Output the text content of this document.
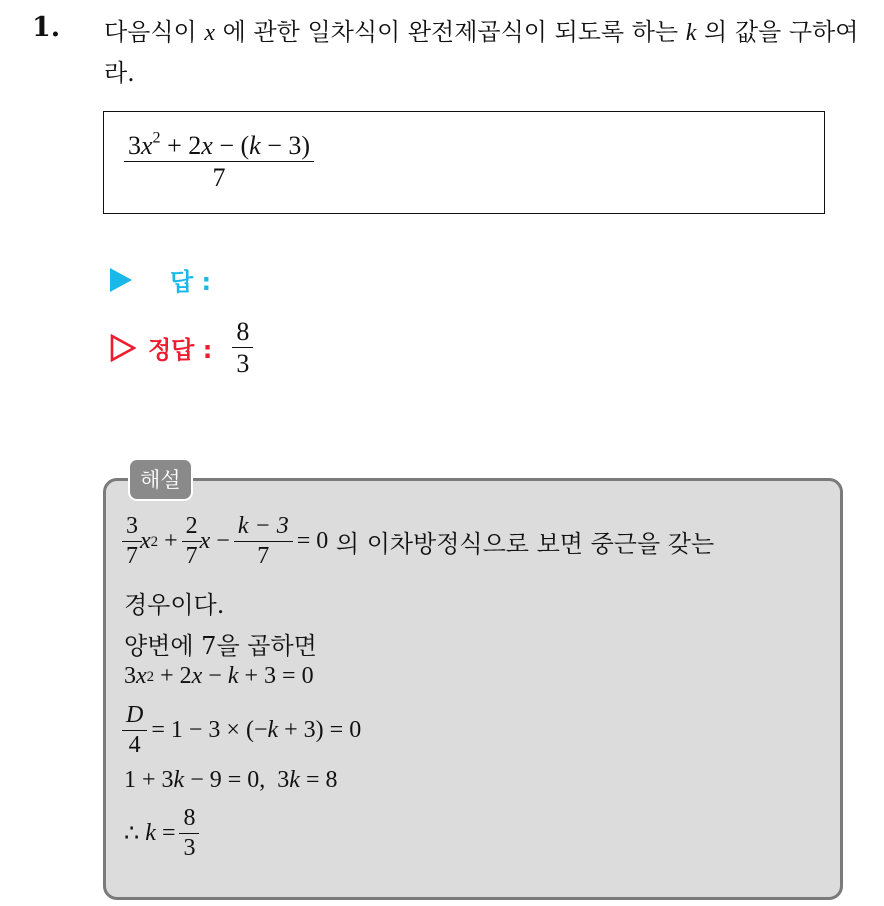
1. 다음식이 x 에 관한 일차식이 완전제곱식이 되도록 하는 k 의 값을 구하여라.
$\frac{3x^2 + 2x - (k - 3)}{7}$
답 :
정답 : $\frac{8}{3}$
해설
$\frac{3}{7}$ x $2 + \frac{2}{7}$ $x - \frac{k - 3}{7} = 0$ 의 이차방정식으로 보면 중근을 갖는
경우이다.
양변에 7을 곱하면
3 x 2 + 2 x − k + 3 = 0
$\frac{D}{4} = 1 - 3$ × (− k + 3) = 0
1 + 3 k − 9 = 0,  3 k = 8
∴ $k = \frac{8}{3}$
